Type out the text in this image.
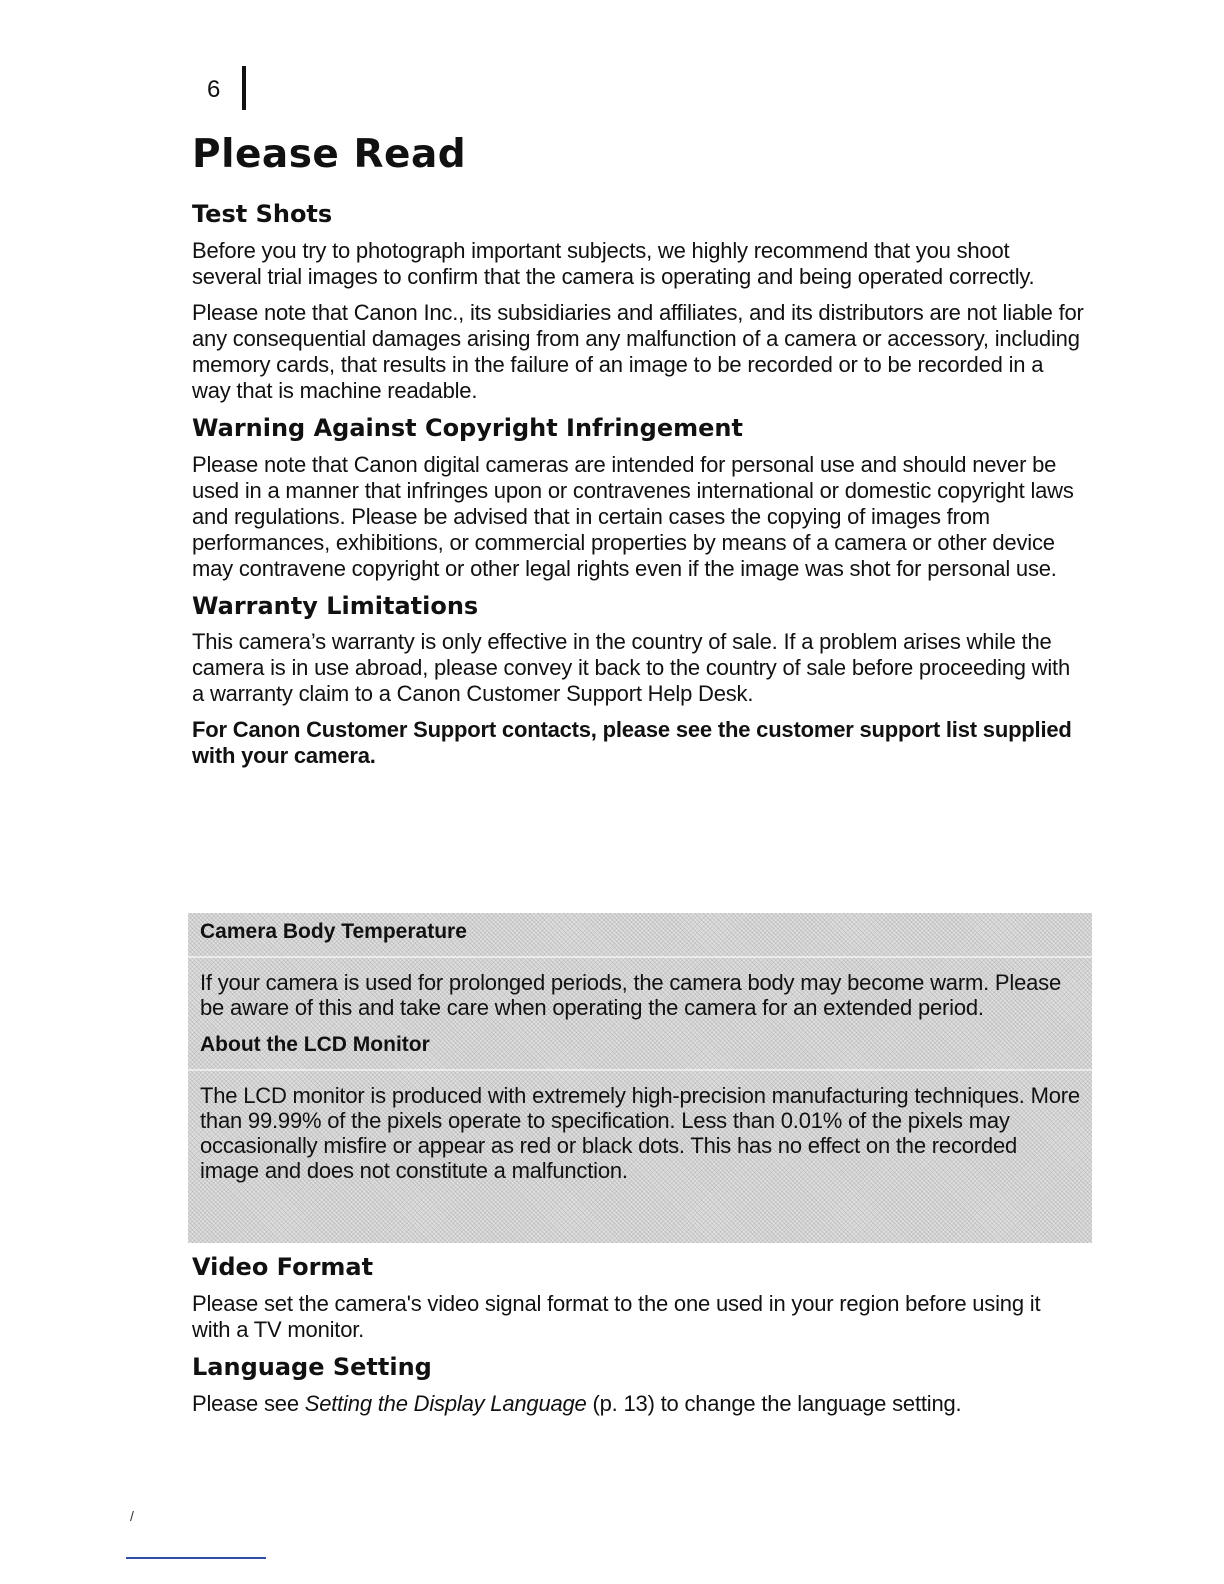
6
Please Read
Test Shots

Before you try to photograph important subjects, we highly recommend that you shoot several trial images to confirm that the camera is operating and being operated correctly.

Please note that Canon Inc., its subsidiaries and affiliates, and its distributors are not liable for any consequential damages arising from any malfunction of a camera or accessory, including memory cards, that results in the failure of an image to be recorded or to be recorded in a way that is machine readable.

Warning Against Copyright Infringement

Please note that Canon digital cameras are intended for personal use and should never be used in a manner that infringes upon or contravenes international or domestic copyright laws and regulations. Please be advised that in certain cases the copying of images from performances, exhibitions, or commercial properties by means of a camera or other device may contravene copyright or other legal rights even if the image was shot for personal use.

Warranty Limitations

This camera’s warranty is only effective in the country of sale. If a problem arises while the camera is in use abroad, please convey it back to the country of sale before proceeding with a warranty claim to a Canon Customer Support Help Desk.

For Canon Customer Support contacts, please see the customer support list supplied with your camera.

Camera Body Temperature

If your camera is used for prolonged periods, the camera body may become warm. Please be aware of this and take care when operating the camera for an extended period.

About the LCD Monitor

The LCD monitor is produced with extremely high-precision manufacturing techniques. More than 99.99% of the pixels operate to specification. Less than 0.01% of the pixels may occasionally misfire or appear as red or black dots. This has no effect on the recorded image and does not constitute a malfunction.

Video Format

Please set the camera's video signal format to the one used in your region before using it with a TV monitor.

Language Setting

Please see Setting the Display Language (p. 13) to change the language setting.

/
